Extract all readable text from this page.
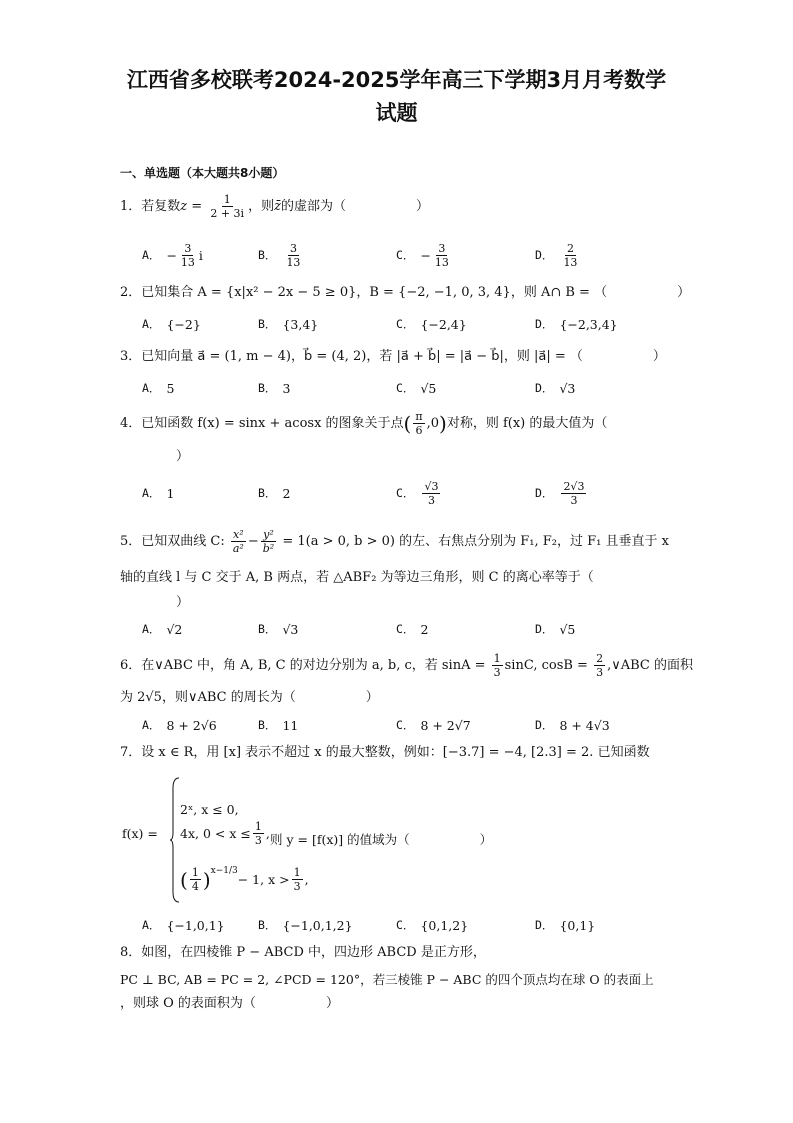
江西省多校联考2024-2025学年高三下学期3月月考数学
试题
一、单选题（本大题共8小题）
1．若复数$z = \frac{1}{2 + 3i}$ ，则z̄的虚部为（	）
A． − $\frac{3}{13}$ i	B． $\frac{3}{13}$	C． − $\frac{3}{13}$	D． $\frac{2}{13}$
2．已知集合 A = {x|x² − 2x − 5 ≥ 0}，B = {−2, −1, 0, 3, 4}，则 A∩ B = （	）
A． {−2}	B． {3,4}	C． {−2,4}	D． {−2,3,4}
3．已知向量 a⃗ = (1, m − 4)，b⃗ = (4, 2)，若 |a⃗ + b⃗| = |a⃗ − b⃗|，则 |a⃗| = （	）
A． 5	B． 3	C． √5	D． √3
4．已知函数 f(x) = sinx + acosx 的图象关于点( $\frac{\pi}{6} ,0$)对称，则 f(x) 的最大值为（
）
A． 1	B． 2	C． $\frac{√3}{3}$	D． $\frac{2√3}{3}$
5．已知双曲线 C: $\frac{\text{x²}}{\text{a²}} - \frac{\text{y²}}{\text{b²}} = 1(a > 0$, b > 0) 的左、右焦点分别为 F₁, F₂，过 F₁ 且垂直于 x
轴的直线 l 与 C 交于 A, B 两点，若 △ABF₂ 为等边三角形，则 C 的离心率等于（
）
A． √2	B． √3	C． 2	D． √5
6．在∨ABC 中，角 A, B, C 的对边分别为 a, b, c，若 $\sin A = \frac{1}{3} \sin C$, $\cos B = \frac{2}{3}$ ,∨ABC 的面积
为 2√5，则∨ABC 的周长为（	）
A． 8 + 2√6	B． 11	C． 8 + 2√7	D． 8 + 4√3
7．设 x ∈ R，用 [x] 表示不超过 x 的最大整数，例如：[−3.7] = −4, [2.3] = 2. 已知函数
f(x) =
2ˣ, x ≤ 0,
4x, $0 < x \le \frac{1}{3}$ ,
( $\frac{1}{4} )^{x-1/3}$
− 1, $x > \frac{1}{3}$ ,
则 y = [f(x)] 的值域为（	）
A． {−1,0,1}	B． {−1,0,1,2}	C． {0,1,2}	D． {0,1}
8．如图，在四棱锥 P − ABCD 中，四边形 ABCD 是正方形，
PC ⊥ BC, AB = PC = 2, ∠PCD = 120°，若三棱锥 P − ABC 的四个顶点均在球 O 的表面上
，则球 O 的表面积为（	）
